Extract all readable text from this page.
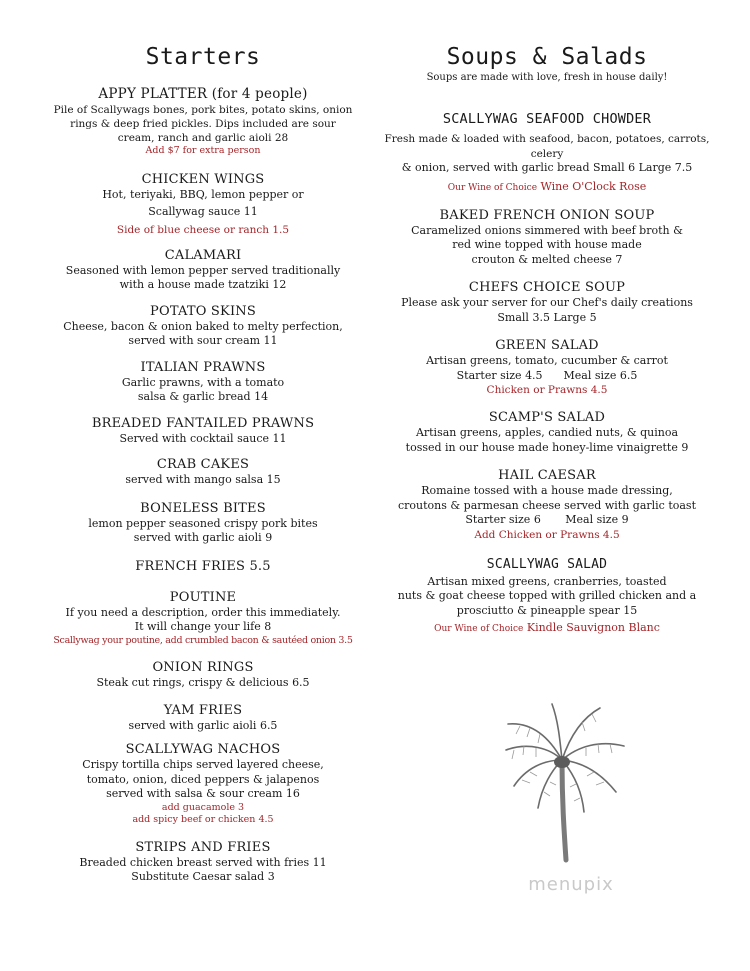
Starters

APPY PLATTER (for 4 people)

Pile of Scallywags bones, pork bites, potato skins, onion

rings & deep fried pickles. Dips included are sour

cream, ranch and garlic aioli 28

Add $7 for extra person

CHICKEN WINGS

Hot, teriyaki, BBQ, lemon pepper or

Scallywag sauce 11

Side of blue cheese or ranch 1.5

CALAMARI

Seasoned with lemon pepper served traditionally

with a house made tzatziki 12

POTATO SKINS

Cheese, bacon & onion baked to melty perfection,

served with sour cream 11

ITALIAN PRAWNS

Garlic prawns, with a tomato

salsa & garlic bread 14

BREADED FANTAILED PRAWNS

Served with cocktail sauce 11

CRAB CAKES

served with mango salsa 15

BONELESS BITES

lemon pepper seasoned crispy pork bites

served with garlic aioli 9

FRENCH FRIES 5.5

POUTINE

If you need a description, order this immediately.

It will change your life 8

Scallywag your poutine, add crumbled bacon & sautéed onion 3.5

ONION RINGS

Steak cut rings, crispy & delicious 6.5

YAM FRIES

served with garlic aioli 6.5

SCALLYWAG NACHOS

Crispy tortilla chips served layered cheese,

tomato, onion, diced peppers & jalapenos

served with salsa & sour cream 16

add guacamole 3

add spicy beef or chicken 4.5

STRIPS AND FRIES

Breaded chicken breast served with fries 11

Substitute Caesar salad 3

Soups & Salads

Soups are made with love, fresh in house daily!

SCALLYWAG SEAFOOD CHOWDER

Fresh made & loaded with seafood, bacon, potatoes, carrots, celery

& onion, served with garlic bread Small 6 Large 7.5

Our Wine of Choice Wine O'Clock Rose

BAKED FRENCH ONION SOUP

Caramelized onions simmered with beef broth &

red wine topped with house made

crouton & melted cheese 7

CHEFS CHOICE SOUP

Please ask your server for our Chef's daily creations

Small 3.5 Large 5

GREEN SALAD

Artisan greens, tomato, cucumber & carrot

Starter size 4.5      Meal size 6.5

Chicken or Prawns 4.5

SCAMP'S SALAD

Artisan greens, apples, candied nuts, & quinoa

tossed in our house made honey-lime vinaigrette 9

HAIL CAESAR

Romaine tossed with a house made dressing,

croutons & parmesan cheese served with garlic toast

Starter size 6       Meal size 9

Add Chicken or Prawns 4.5

SCALLYWAG SALAD

Artisan mixed greens, cranberries, toasted

nuts & goat cheese topped with grilled chicken and a

prosciutto & pineapple spear 15

Our Wine of Choice Kindle Sauvignon Blanc

menupix
